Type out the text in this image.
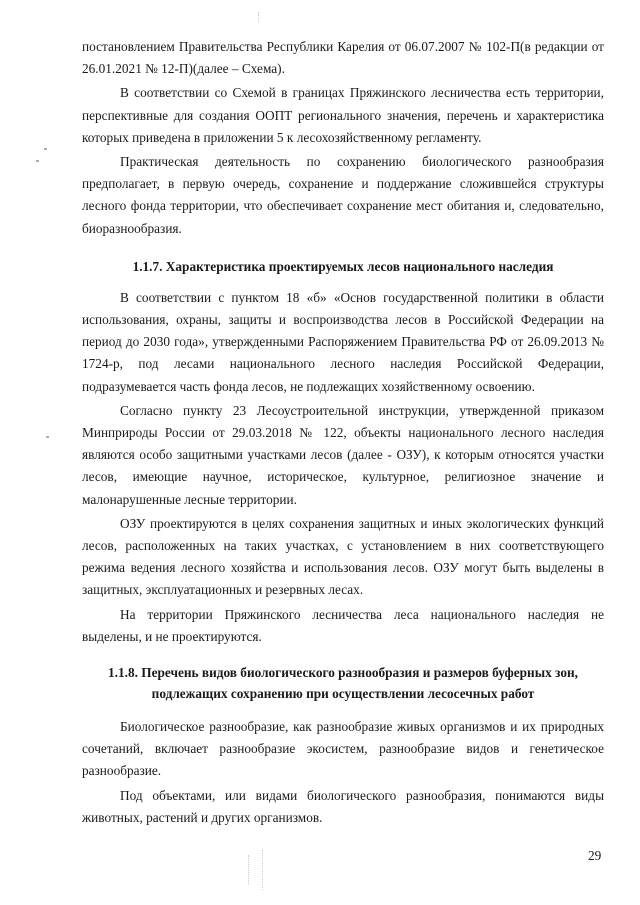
постановлением Правительства Республики Карелия от 06.07.2007 № 102-П(в редакции от 26.01.2021 № 12-П)(далее – Схема).

В соответствии со Схемой в границах Пряжинского лесничества есть территории, перспективные для создания ООПТ регионального значения, перечень и характеристика которых приведена в приложении 5 к лесохозяйственному регламенту.

Практическая деятельность по сохранению биологического разнообразия предполагает, в первую очередь, сохранение и поддержание сложившейся структуры лесного фонда территории, что обеспечивает сохранение мест обитания и, следовательно, биоразнообразия.

1.1.7. Характеристика проектируемых лесов национального наследия

В соответствии с пунктом 18 «б» «Основ государственной политики в области использования, охраны, защиты и воспроизводства лесов в Российской Федерации на период до 2030 года», утвержденными Распоряжением Правительства РФ от 26.09.2013 № 1724-р, под лесами национального лесного наследия Российской Федерации, подразумевается часть фонда лесов, не подлежащих хозяйственному освоению.

Согласно пункту 23 Лесоустроительной инструкции, утвержденной приказом Минприроды России от 29.03.2018 № 122, объекты национального лесного наследия являются особо защитными участками лесов (далее - ОЗУ), к которым относятся участки лесов, имеющие научное, историческое, культурное, религиозное значение и малонарушенные лесные территории.

ОЗУ проектируются в целях сохранения защитных и иных экологических функций лесов, расположенных на таких участках, с установлением в них соответствующего режима ведения лесного хозяйства и использования лесов. ОЗУ могут быть выделены в защитных, эксплуатационных и резервных лесах.

На территории Пряжинского лесничества леса национального наследия не выделены, и не проектируются.

1.1.8. Перечень видов биологического разнообразия и размеров буферных зон,
подлежащих сохранению при осуществлении лесосечных работ

Биологическое разнообразие, как разнообразие живых организмов и их природных сочетаний, включает разнообразие экосистем, разнообразие видов и генетическое разнообразие.

Под объектами, или видами биологического разнообразия, понимаются виды животных, растений и других организмов.

29
